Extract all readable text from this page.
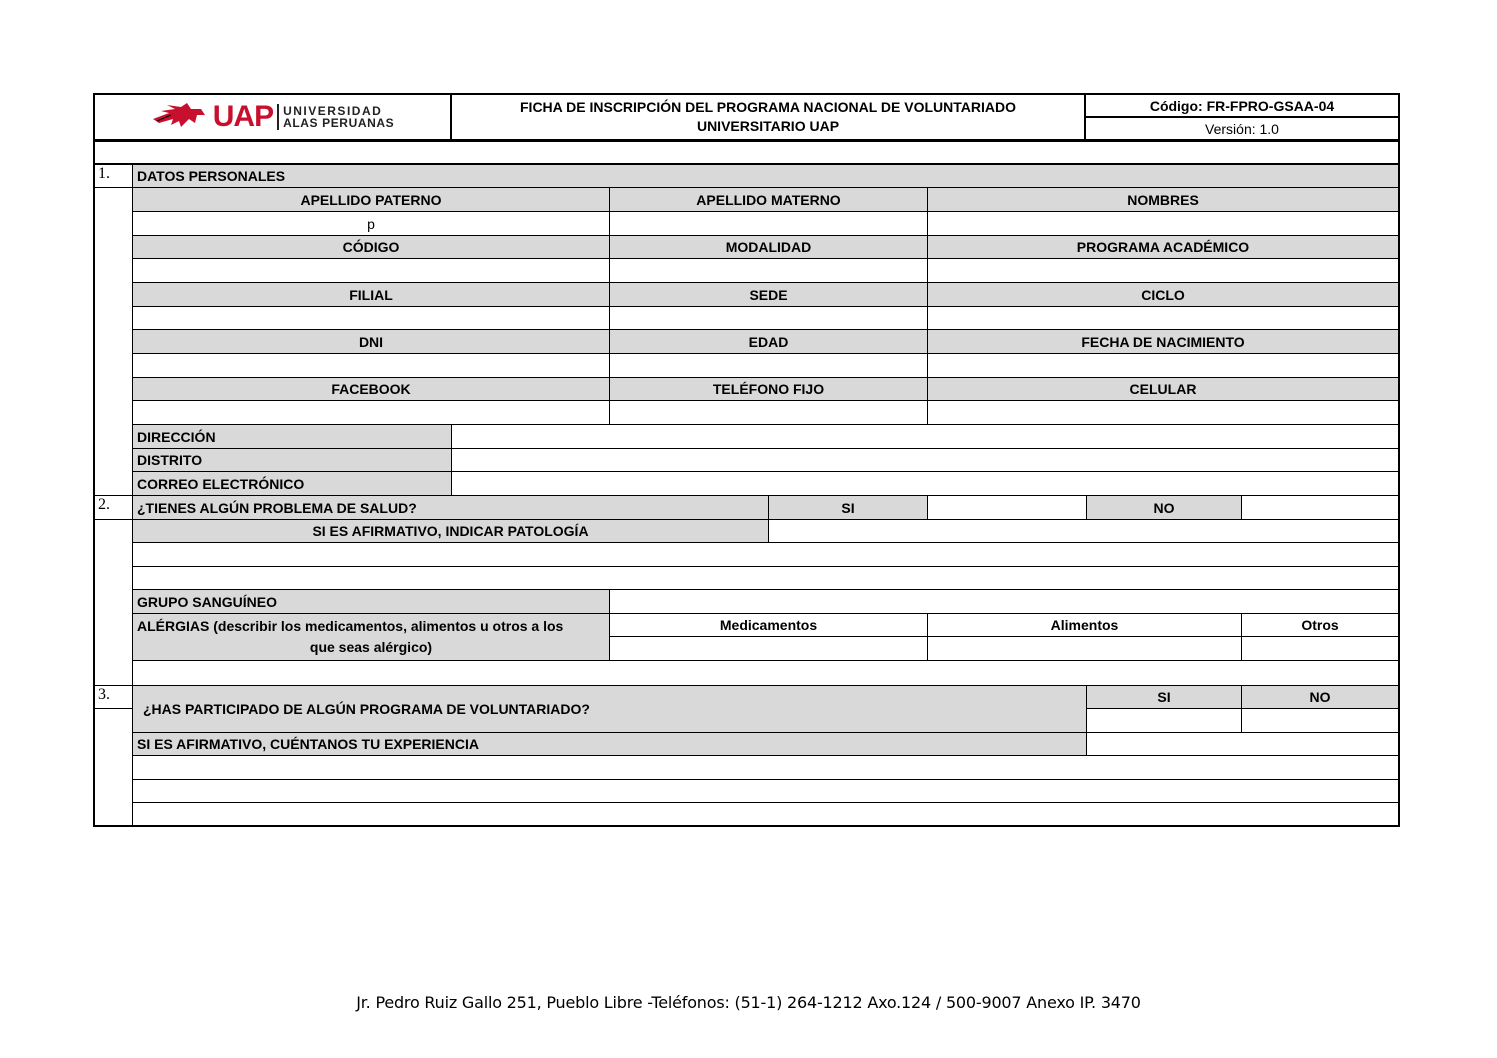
UAP UNIVERSIDAD
ALAS PERUANAS
FICHA DE INSCRIPCIÓN DEL PROGRAMA NACIONAL DE VOLUNTARIADO
UNIVERSITARIO UAP
Código: FR-FPRO-GSAA-04
Versión: 1.0
1.	DATOS PERSONALES
APELLIDO PATERNO	APELLIDO MATERNO	NOMBRES
p
CÓDIGO	MODALIDAD	PROGRAMA ACADÉMICO
FILIAL	SEDE	CICLO
DNI	EDAD	FECHA DE NACIMIENTO
FACEBOOK	TELÉFONO FIJO	CELULAR
DIRECCIÓN
DISTRITO
CORREO ELECTRÓNICO
2.	¿TIENES ALGÚN PROBLEMA DE SALUD?	SI	NO
SI ES AFIRMATIVO, INDICAR PATOLOGÍA
GRUPO SANGUÍNEO
ALÉRGIAS (describir los medicamentos, alimentos u otros a los
que seas alérgico)
Medicamentos	Alimentos	Otros
3.
¿HAS PARTICIPADO DE ALGÚN PROGRAMA DE VOLUNTARIADO?
SI	NO
SI ES AFIRMATIVO, CUÉNTANOS TU EXPERIENCIA
Jr. Pedro Ruiz Gallo 251, Pueblo Libre -Teléfonos: (51-1) 264-1212 Axo.124 / 500-9007 Anexo IP. 3470
